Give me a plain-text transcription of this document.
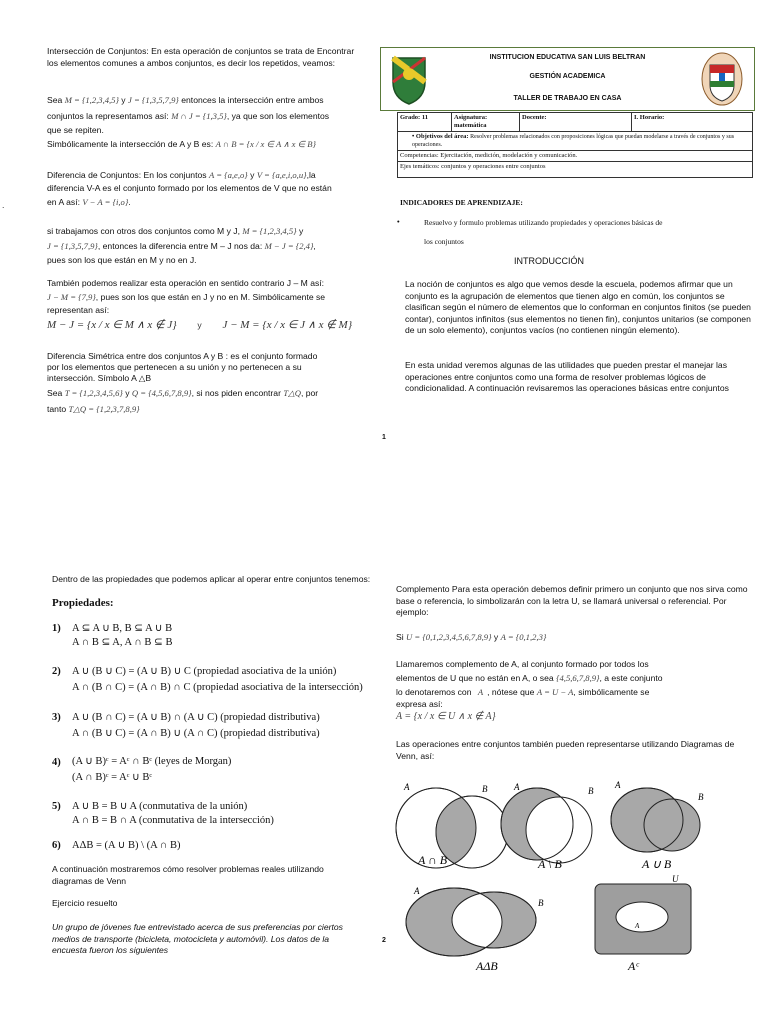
Intersección de Conjuntos: En esta operación de conjuntos se trata de Encontrar los elementos comunes a ambos conjuntos, es decir los repetidos, veamos:
Sea M = {1,2,3,4,5} y J = {1,3,5,7,9} entonces la intersección entre ambos
conjuntos la representamos así: M ∩ J = {1,3,5}, ya que son los elementos
que se repiten.
Simbólicamente la intersección de A y B es: A ∩ B = {x / x ∈ A ∧ x ∈ B}
Diferencia de Conjuntos: En los conjuntos A = {a,e,o} y V = {a,e,i,o,u},la
diferencia V-A es el conjunto formado por los elementos de V que no están
en A así: V − A = {i,o}.
.
si trabajamos con otros dos conjuntos como M y J, M = {1,2,3,4,5} y
J = {1,3,5,7,9}, entonces la diferencia entre M – J nos da: M − J = {2,4},
pues son los que están en M y no en J.
También podemos realizar esta operación en sentido contrario J – M así:
J − M = {7,9}, pues son los que están en J y no en M. Simbólicamente se
representan así:
M − J = {x / x ∈ M ∧ x ∉ J} y J − M = {x / x ∈ J ∧ x ∉ M}
Diferencia Simétrica entre dos conjuntos A y B : es el conjunto formado
por los elementos que pertenecen a su unión y no pertenecen a su
intersección. Símbolo A △B
Sea T = {1,2,3,4,5,6} y Q = {4,5,6,7,8,9}, si nos piden encontrar T△Q, por
tanto T△Q = {1,2,3,7,8,9}
1
INSTITUCION EDUCATIVA SAN LUIS BELTRAN
GESTIÓN ACADEMICA
TALLER DE TRABAJO EN CASA
Grado: 11	Asignatura: matemática	Docente:	I. Horario:
• Objetivos del área: Resolver problemas relacionados con proposiciones lógicas que puedan modelarse a través de conjuntos y sus operaciones.
Competencias: Ejercitación, medición, modelación y comunicación.
Ejes temáticos: conjuntos y operaciones entre conjuntos
INDICADORES DE APRENDIZAJE:
•	Resuelvo y formulo problemas utilizando propiedades y operaciones básicas de
los conjuntos
INTRODUCCIÓN
La noción de conjuntos es algo que vemos desde la escuela, podemos afirmar que un conjunto es la agrupación de elementos que tienen algo en común, los conjuntos se clasifican según el número de elementos que lo conforman en conjuntos finitos (se pueden contar), conjuntos infinitos (sus elementos no tienen fin), conjuntos unitarios (se componen de un solo elemento), conjuntos vacíos (no contienen ningún elemento).
En esta unidad veremos algunas de las utilidades que pueden prestar el manejar las operaciones entre conjuntos como una forma de resolver problemas lógicos de condicionalidad. A continuación revisaremos las operaciones básicas entre conjuntos
Dentro de las propiedades que podemos aplicar al operar entre conjuntos tenemos:
Propiedades:
1) A ⊆ A ∪ B, B ⊆ A ∪ B
A ∩ B ⊆ A, A ∩ B ⊆ B
2) A ∪ (B ∪ C) = (A ∪ B) ∪ C (propiedad asociativa de la unión)
A ∩ (B ∩ C) = (A ∩ B) ∩ C (propiedad asociativa de la intersección)
3) A ∪ (B ∩ C) = (A ∪ B) ∩ (A ∪ C) (propiedad distributiva)
A ∩ (B ∪ C) = (A ∩ B) ∪ (A ∩ C) (propiedad distributiva)
4) (A ∪ B)ᶜ = Aᶜ ∩ Bᶜ (leyes de Morgan)
(A ∩ B)ᶜ = Aᶜ ∪ Bᶜ
5) A ∪ B = B ∪ A (conmutativa de la unión)
A ∩ B = B ∩ A (conmutativa de la intersección)
6) AΔB = (A ∪ B) \ (A ∩ B)
A continuación mostraremos cómo resolver problemas reales utilizando diagramas de Venn
Ejercicio resuelto
Un grupo de jóvenes fue entrevistado acerca de sus preferencias por ciertos medios de transporte (bicicleta, motocicleta y automóvil). Los datos de la encuesta fueron los siguientes
2
Complemento Para esta operación debemos definir primero un conjunto que nos sirva como base o referencia, lo simbolizarán con la letra U, se llamará universal o referencial. Por ejemplo:
Si U = {0,1,2,3,4,5,6,7,8,9} y A = {0,1,2,3}
Llamaremos complemento de A, al conjunto formado por todos los
elementos de U que no están en A, o sea {4,5,6,7,8,9}, a este conjunto
lo denotaremos con A , nótese que A = U − A, simbólicamente se
expresa así:
A = {x / x ∈ U ∧ x ∉ A}
Las operaciones entre conjuntos también pueden representarse utilizando Diagramas de Venn, así:
A	B	A	B
A
B
A
B
U
A
A ∩ B	A \ B	A ∪ B
AΔB	Aᶜ
